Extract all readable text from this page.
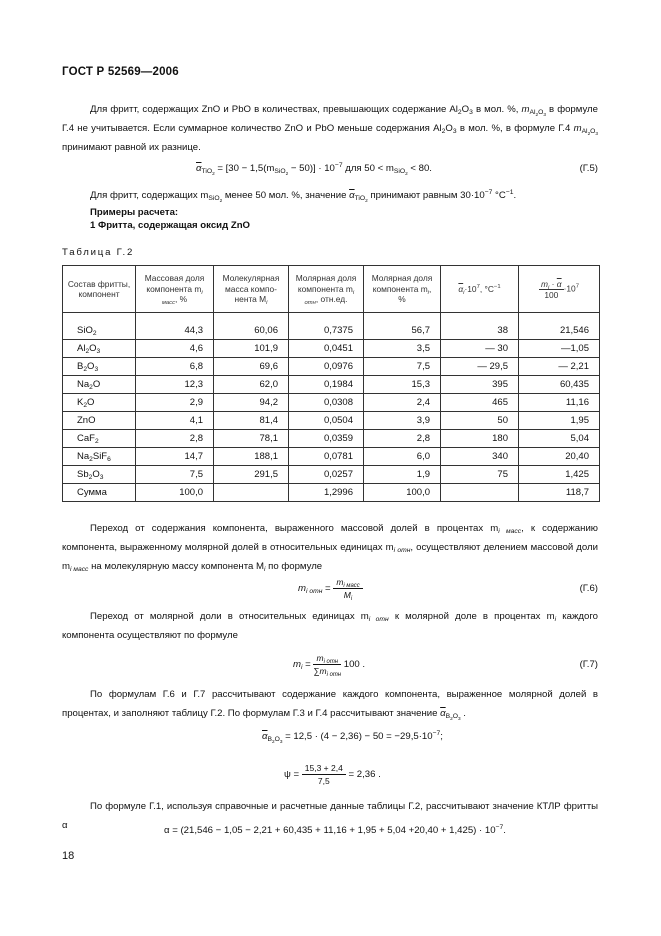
ГОСТ Р 52569—2006

Для фритт, содержащих ZnO и PbO в количествах, превышающих содержание $Al_2O_3$ в мол. %, $m_{Al_2O_3}$ в формуле Г.4 не учитывается. Если суммарное количество ZnO и PbO меньше содержания $Al_2O_3$ в мол. %, в формуле Г.4 $m_{Al_2O_3}$ принимают равной их разнице.

$\overline{\alpha}_{TiO_2} = [30 - 1,5(m_{SiO_2} - 50)] \cdot 10^{-7}$ для $50 < m_{SiO_2} < 80$.	(Г.5)

Для фритт, содержащих $m_{SiO_2}$ менее 50 мол. %, значение $\overline{\alpha}_{TiO_2}$ принимают равным $30\cdot 10^{-7}$ $^\circ C^{-1}$.

Примеры расчета:
1 Фритта, содержащая оксид ZnO
Таблица Г.2
Состав фритты, компонент	Массовая доля компонента $m_{i масс}$, %	Молекулярная масса компо-нента $M_i$	Молярная доля компонента $m_{i отн}$, отн.ед.	Молярная доля компонента $m_i$, %	$\overline{\alpha}_i\cdot 10^7$, $^\circ C^{-1}$	$\frac{m_i \cdot \overline{\alpha}}{100} \cdot 10^7$
SiO$_2$	44,3	60,06	0,7375	56,7	38	21,546
$Al_2O_3$	4,6	101,9	0,0451	3,5	— 30	—1,05
$B_2O_3$	6,8	69,6	0,0976	7,5	— 29,5	— 2,21
$Na_2O$	12,3	62,0	0,1984	15,3	395	60,435
$K_2O$	2,9	94,2	0,0308	2,4	465	11,16
ZnO	4,1	81,4	0,0504	3,9	50	1,95
CaF$_2$	2,8	78,1	0,0359	2,8	180	5,04
$Na_2SiF_6$	14,7	188,1	0,0781	6,0	340	20,40
$Sb_2O_3$	7,5	291,5	0,0257	1,9	75	1,425
Сумма	100,0		1,2996	100,0		118,7

Переход от содержания компонента, выраженного массовой долей в процентах $m_{i масс}$, к содержанию компонента, выраженному молярной долей в относительных единицах $m_{i отн}$, осуществляют делением массовой доли $m_{i масс}$ на молекулярную массу компонента $M_i$ по формуле

$m_{i отн}$ =
$m_{i масс}$
$M_i$
(Г.6)

Переход от молярной доли в относительных единицах $m_{i отн}$ к молярной доле в процентах $m_i$ каждого компонента осуществляют по формуле

$m_i$ =
$m_{i отн}$
$\sum m_{i отн}$
100 .	(Г.7)

По формулам Г.6 и Г.7 рассчитывают содержание каждого компонента, выраженное молярной долей в процентах, и заполняют таблицу Г.2. По формулам Г.3 и Г.4 рассчитывают значение $\overline{\alpha}_{B_2O_3}$ .

$\overline{\alpha}_{B_2O_3} = 12,5 \cdot (4 - 2,36) - 50 = -29,5\cdot 10^{-7}$;
$\psi = \frac{15,3 + 2,4}{7,5} = 2,36$ .

По формуле Г.1, используя справочные и расчетные данные таблицы Г.2, рассчитывают значение КТЛР фритты α	$\alpha = (21,546 - 1,05 - 2,21 + 60,435 + 11,16 + 1,95 + 5,04 +20,40 + 1,425) \cdot 10^{-7}$.
18
